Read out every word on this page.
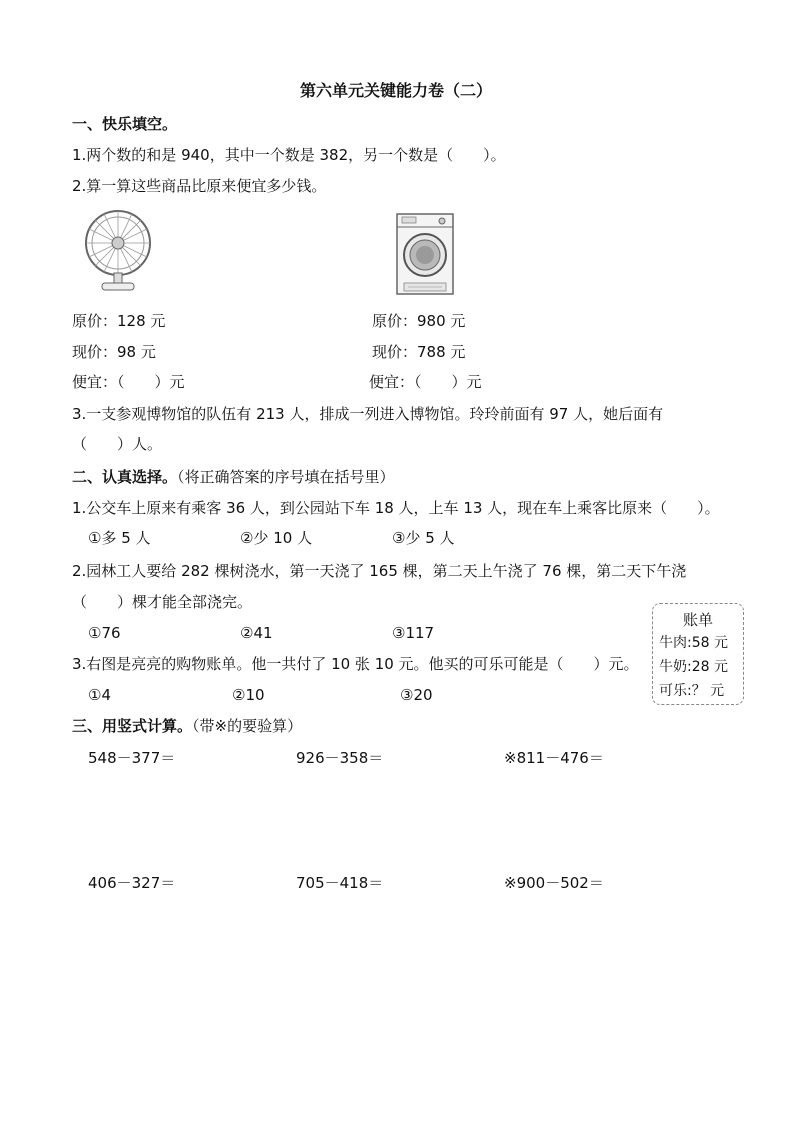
第六单元关键能力卷（二）
一、快乐填空。
1.两个数的和是 940，其中一个数是 382，另一个数是（　　）。
2.算一算这些商品比原来便宜多少钱。
原价：128 元
现价：98 元
便宜：（　　）元
原价：980 元
现价：788 元
便宜：（　　）元
3.一支参观博物馆的队伍有 213 人，排成一列进入博物馆。玲玲前面有 97 人，她后面有
（　　）人。
二、认真选择。（将正确答案的序号填在括号里）
1.公交车上原来有乘客 36 人，到公园站下车 18 人，上车 13 人，现在车上乘客比原来（　　）。
①多 5 人	②少 10 人	③少 5 人
2.园林工人要给 282 棵树浇水，第一天浇了 165 棵，第二天上午浇了 76 棵，第二天下午浇
（　　）棵才能全部浇完。
①76	②41	③117
3.右图是亮亮的购物账单。他一共付了 10 张 10 元。他买的可乐可能是（　　）元。
①4	②10	③20
账单
牛肉:58 元
牛奶:28 元
可乐:？ 元
三、用竖式计算。（带※的要验算）
548－377＝	926－358＝	※811－476＝
406－327＝	705－418＝	※900－502＝
